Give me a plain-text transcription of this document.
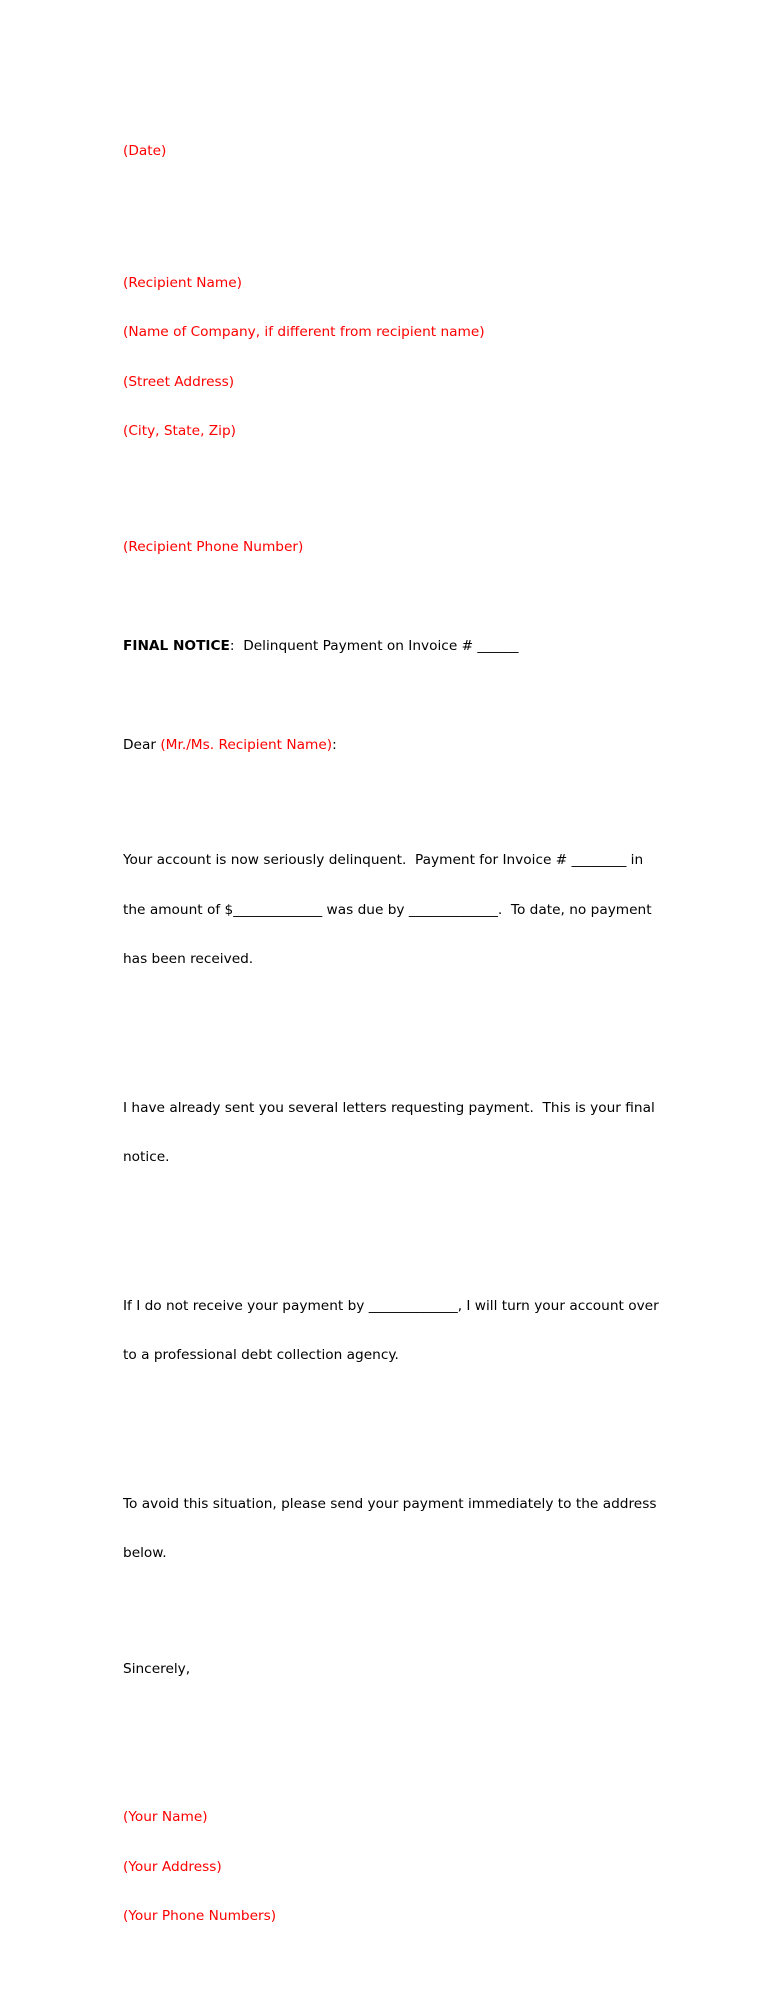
(Date)

(Recipient Name)

(Name of Company, if different from recipient name)

(Street Address)

(City, State, Zip)

(Recipient Phone Number)

FINAL NOTICE:  Delinquent Payment on Invoice # ______

Dear (Mr./Ms. Recipient Name):

Your account is now seriously delinquent.  Payment for Invoice # ________ in

the amount of $_____________ was due by _____________.  To date, no payment

has been received.

I have already sent you several letters requesting payment.  This is your final

notice.

If I do not receive your payment by _____________, I will turn your account over

to a professional debt collection agency.

To avoid this situation, please send your payment immediately to the address

below.

Sincerely,

(Your Name)

(Your Address)

(Your Phone Numbers)
